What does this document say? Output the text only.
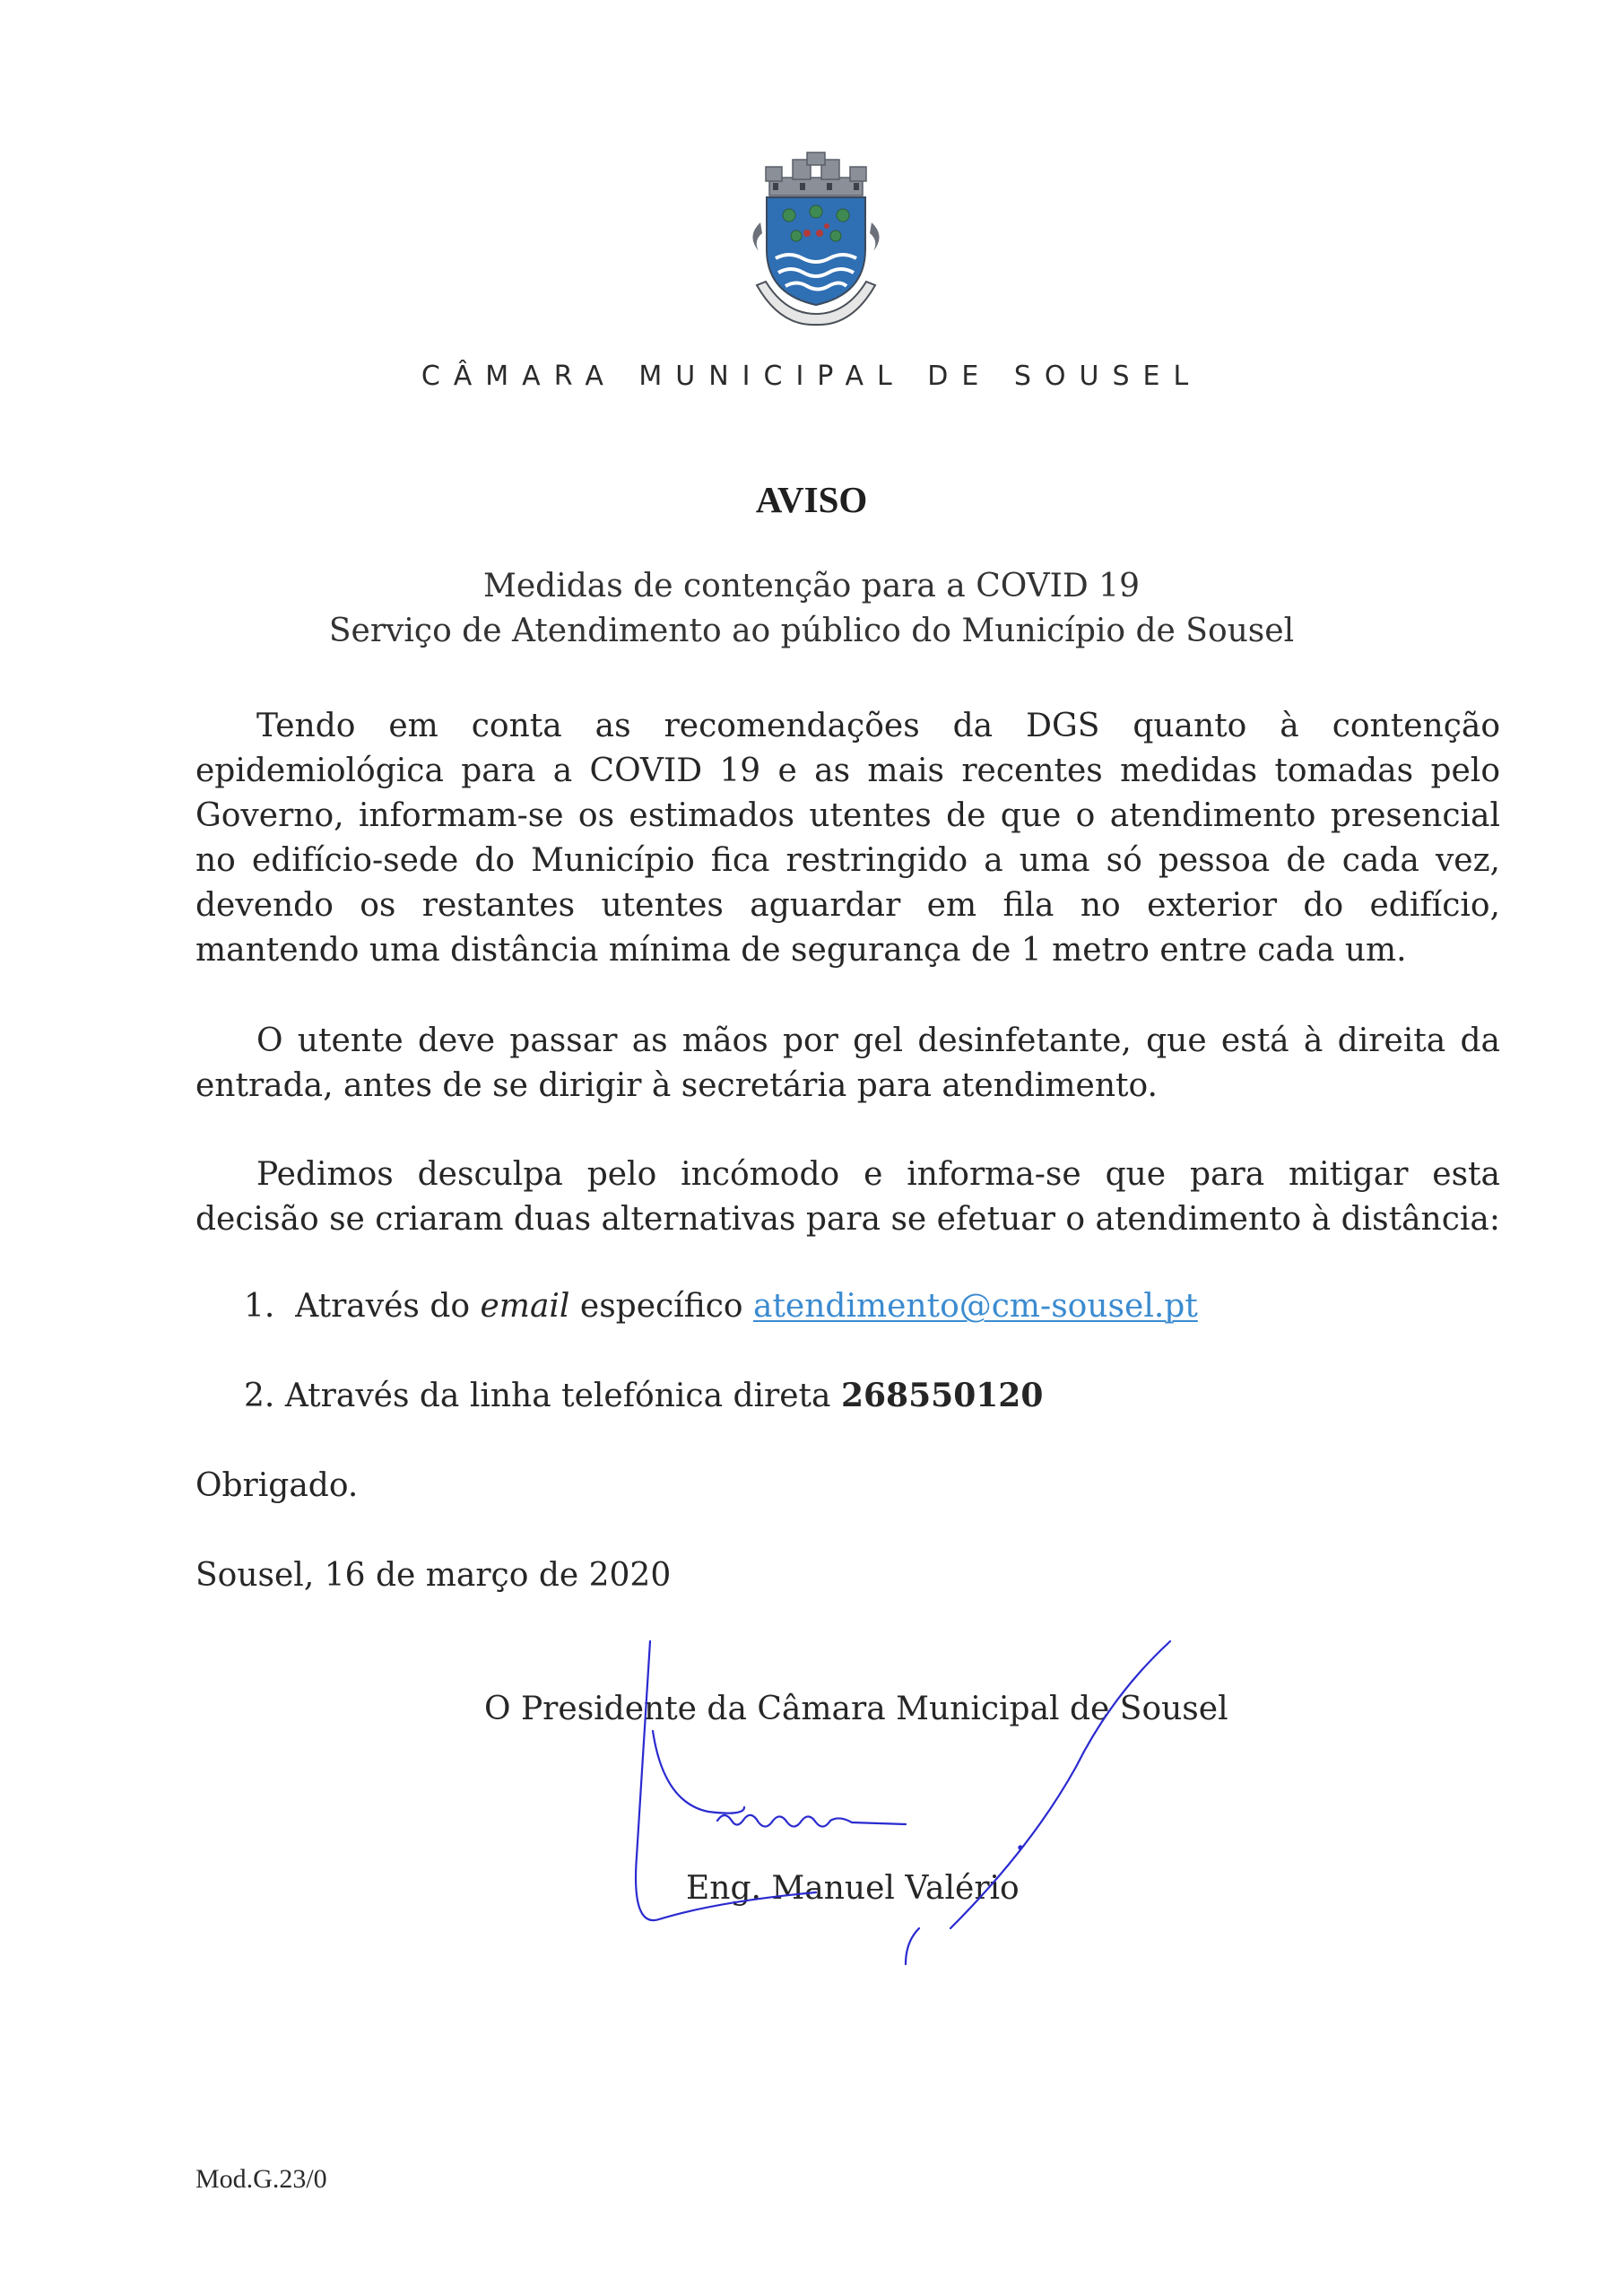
CÂMARA MUNICIPAL DE SOUSEL
AVISO
Medidas de contenção para a COVID 19
Serviço de Atendimento ao público do Município de Sousel
Tendo em conta as recomendações da DGS quanto à contenção epidemiológica para a COVID 19 e as mais recentes medidas tomadas pelo Governo, informam-se os estimados utentes de que o atendimento presencial no edifício-sede do Município fica restringido a uma só pessoa de cada vez, devendo os restantes utentes aguardar em fila no exterior do edifício, mantendo uma distância mínima de segurança de 1 metro entre cada um.
O utente deve passar as mãos por gel desinfetante, que está à direita da entrada, antes de se dirigir à secretária para atendimento.
Pedimos desculpa pelo incómodo e informa-se que para mitigar esta decisão se criaram duas alternativas para se efetuar o atendimento à distância:
1. Através do email específico atendimento@cm-sousel.pt
2. Através da linha telefónica direta 268550120
Obrigado.
Sousel, 16 de março de 2020
O Presidente da Câmara Municipal de Sousel
Eng. Manuel Valério
Mod.G.23/0
